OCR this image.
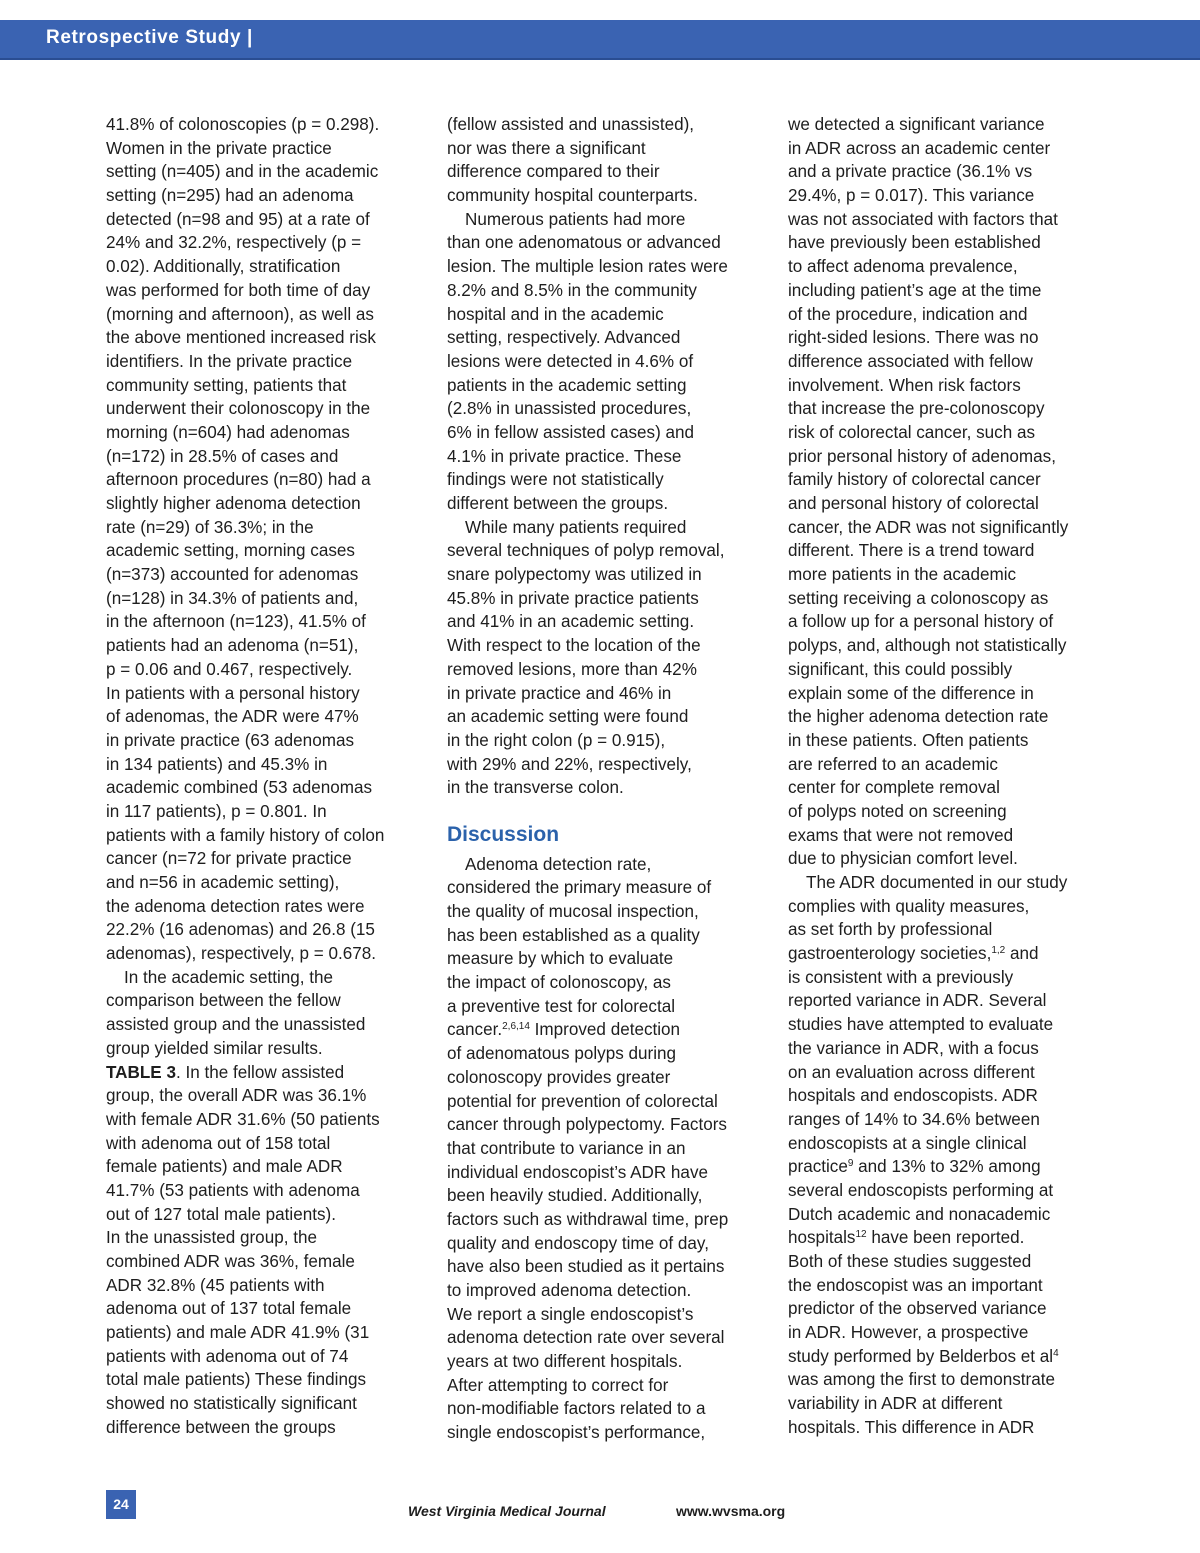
Retrospective Study |
41.8% of colonoscopies (p = 0.298).
Women in the private practice
setting (n=405) and in the academic
setting (n=295) had an adenoma
detected (n=98 and 95) at a rate of
24% and 32.2%, respectively (p =
0.02). Additionally, stratification
was performed for both time of day
(morning and afternoon), as well as
the above mentioned increased risk
identifiers. In the private practice
community setting, patients that
underwent their colonoscopy in the
morning (n=604) had adenomas
(n=172) in 28.5% of cases and
afternoon procedures (n=80) had a
slightly higher adenoma detection
rate (n=29) of 36.3%; in the
academic setting, morning cases
(n=373) accounted for adenomas
(n=128) in 34.3% of patients and,
in the afternoon (n=123), 41.5% of
patients had an adenoma (n=51),
p = 0.06 and 0.467, respectively.
In patients with a personal history
of adenomas, the ADR were 47%
in private practice (63 adenomas
in 134 patients) and 45.3% in
academic combined (53 adenomas
in 117 patients), p = 0.801. In
patients with a family history of colon
cancer (n=72 for private practice
and n=56 in academic setting),
the adenoma detection rates were
22.2% (16 adenomas) and 26.8 (15
adenomas), respectively, p = 0.678.
In the academic setting, the
comparison between the fellow
assisted group and the unassisted
group yielded similar results.
TABLE 3. In the fellow assisted
group, the overall ADR was 36.1%
with female ADR 31.6% (50 patients
with adenoma out of 158 total
female patients) and male ADR
41.7% (53 patients with adenoma
out of 127 total male patients).
In the unassisted group, the
combined ADR was 36%, female
ADR 32.8% (45 patients with
adenoma out of 137 total female
patients) and male ADR 41.9% (31
patients with adenoma out of 74
total male patients) These findings
showed no statistically significant
difference between the groups
(fellow assisted and unassisted),
nor was there a significant
difference compared to their
community hospital counterparts.
Numerous patients had more
than one adenomatous or advanced
lesion. The multiple lesion rates were
8.2% and 8.5% in the community
hospital and in the academic
setting, respectively. Advanced
lesions were detected in 4.6% of
patients in the academic setting
(2.8% in unassisted procedures,
6% in fellow assisted cases) and
4.1% in private practice. These
findings were not statistically
different between the groups.
While many patients required
several techniques of polyp removal,
snare polypectomy was utilized in
45.8% in private practice patients
and 41% in an academic setting.
With respect to the location of the
removed lesions, more than 42%
in private practice and 46% in
an academic setting were found
in the right colon (p = 0.915),
with 29% and 22%, respectively,
in the transverse colon.
Discussion
Adenoma detection rate,
considered the primary measure of
the quality of mucosal inspection,
has been established as a quality
measure by which to evaluate
the impact of colonoscopy, as
a preventive test for colorectal
cancer.$^{2,6,14}$ Improved detection
of adenomatous polyps during
colonoscopy provides greater
potential for prevention of colorectal
cancer through polypectomy. Factors
that contribute to variance in an
individual endoscopist’s ADR have
been heavily studied. Additionally,
factors such as withdrawal time, prep
quality and endoscopy time of day,
have also been studied as it pertains
to improved adenoma detection.
We report a single endoscopist’s
adenoma detection rate over several
years at two different hospitals.
After attempting to correct for
non-modifiable factors related to a
single endoscopist’s performance,
we detected a significant variance
in ADR across an academic center
and a private practice (36.1% vs
29.4%, p = 0.017). This variance
was not associated with factors that
have previously been established
to affect adenoma prevalence,
including patient’s age at the time
of the procedure, indication and
right-sided lesions. There was no
difference associated with fellow
involvement. When risk factors
that increase the pre-colonoscopy
risk of colorectal cancer, such as
prior personal history of adenomas,
family history of colorectal cancer
and personal history of colorectal
cancer, the ADR was not significantly
different. There is a trend toward
more patients in the academic
setting receiving a colonoscopy as
a follow up for a personal history of
polyps, and, although not statistically
significant, this could possibly
explain some of the difference in
the higher adenoma detection rate
in these patients. Often patients
are referred to an academic
center for complete removal
of polyps noted on screening
exams that were not removed
due to physician comfort level.
The ADR documented in our study
complies with quality measures,
as set forth by professional
gastroenterology societies,$^{1,2}$ and
is consistent with a previously
reported variance in ADR. Several
studies have attempted to evaluate
the variance in ADR, with a focus
on an evaluation across different
hospitals and endoscopists. ADR
ranges of 14% to 34.6% between
endoscopists at a single clinical
practice$^9$ and 13% to 32% among
several endoscopists performing at
Dutch academic and nonacademic
hospitals$^{12}$ have been reported.
Both of these studies suggested
the endoscopist was an important
predictor of the observed variance
in ADR. However, a prospective
study performed by Belderbos et $al^4$
was among the first to demonstrate
variability in ADR at different
hospitals. This difference in ADR
24	West Virginia Medical Journal	www.wvsma.org
